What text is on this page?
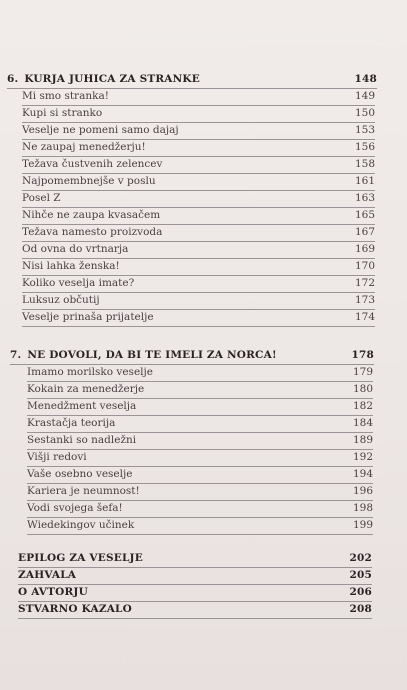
6. KURJA JUHICA ZA STRANKE	148
Mi smo stranka!	149
Kupi si stranko	150
Veselje ne pomeni samo dajaj	153
Ne zaupaj menedžerju!	156
Težava čustvenih zelencev	158
Najpomembnejše v poslu	161
Posel Z	163
Nihče ne zaupa kvasačem	165
Težava namesto proizvoda	167
Od ovna do vrtnarja	169
Nisi lahka ženska!	170
Koliko veselja imate?	172
Luksuz občutij	173
Veselje prinaša prijatelje	174
7. NE DOVOLI, DA BI TE IMELI ZA NORCA!	178
Imamo morilsko veselje	179
Kokain za menedžerje	180
Menedžment veselja	182
Krastačja teorija	184
Sestanki so nadležni	189
Višji redovi	192
Vaše osebno veselje	194
Kariera je neumnost!	196
Vodi svojega šefa!	198
Wiedekingov učinek	199
EPILOG ZA VESELJE	202
ZAHVALA	205
O AVTORJU	206
STVARNO KAZALO	208
